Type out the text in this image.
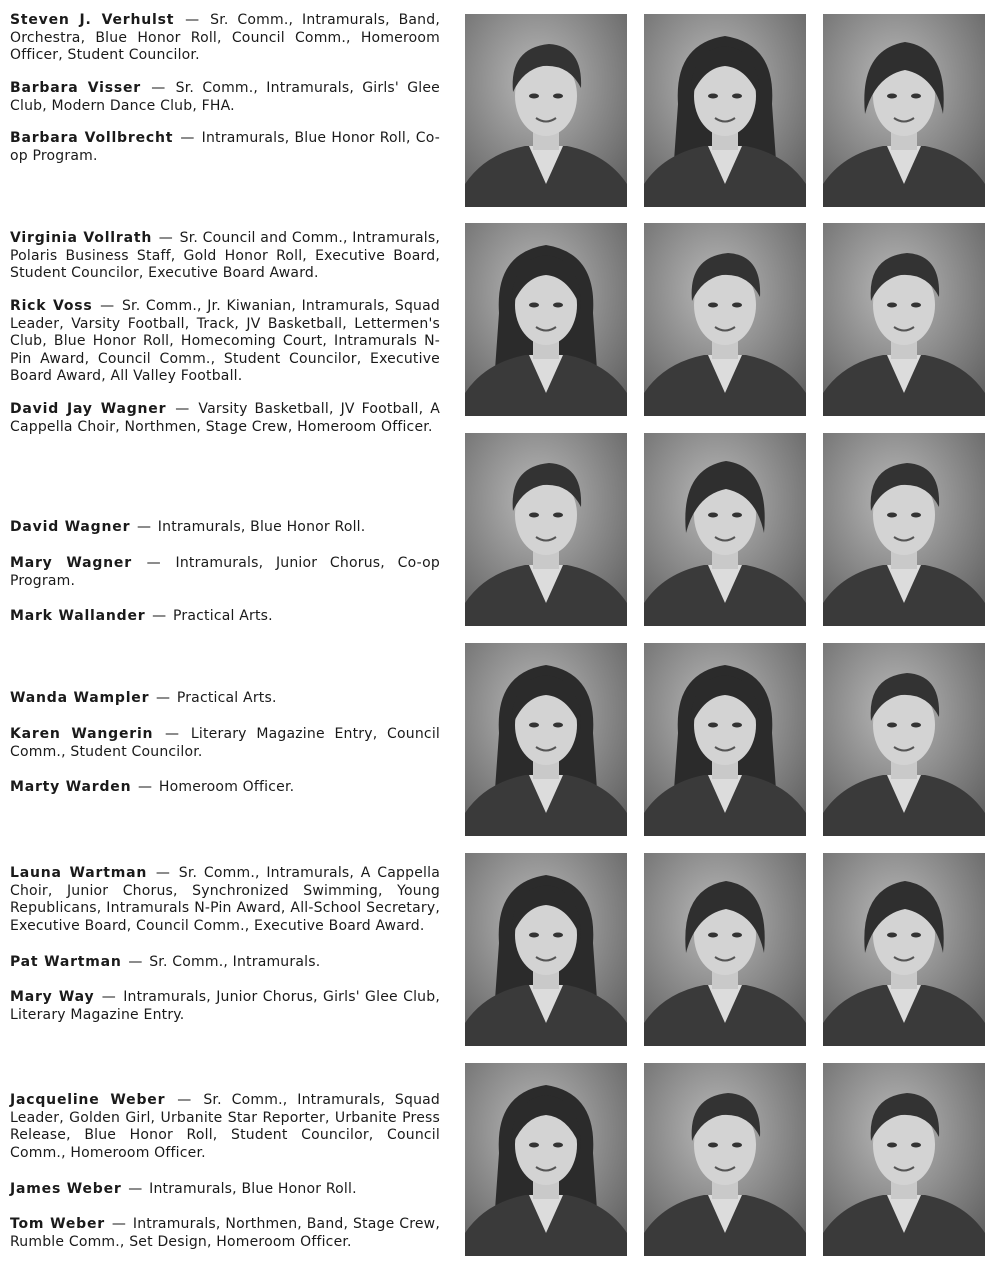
Steven J. Verhulst — Sr. Comm., Intramurals, Band, Orchestra, Blue Honor Roll, Council Comm., Homeroom Officer, Student Councilor.
Barbara Visser — Sr. Comm., Intramurals, Girls' Glee Club, Modern Dance Club, FHA.
Barbara Vollbrecht — Intramurals, Blue Honor Roll, Co-op Program.
Virginia Vollrath — Sr. Council and Comm., Intramurals, Polaris Business Staff, Gold Honor Roll, Executive Board, Student Councilor, Executive Board Award.
Rick Voss — Sr. Comm., Jr. Kiwanian, Intramurals, Squad Leader, Varsity Football, Track, JV Basketball, Lettermen's Club, Blue Honor Roll, Homecoming Court, Intramurals N-Pin Award, Council Comm., Student Councilor, Executive Board Award, All Valley Football.
David Jay Wagner — Varsity Basketball, JV Football, A Cappella Choir, Northmen, Stage Crew, Homeroom Officer.
David Wagner — Intramurals, Blue Honor Roll.
Mary Wagner — Intramurals, Junior Chorus, Co-op Program.
Mark Wallander — Practical Arts.
Wanda Wampler — Practical Arts.
Karen Wangerin — Literary Magazine Entry, Council Comm., Student Councilor.
Marty Warden — Homeroom Officer.
Launa Wartman — Sr. Comm., Intramurals, A Cappella Choir, Junior Chorus, Synchronized Swimming, Young Republicans, Intramurals N-Pin Award, All-School Secretary, Executive Board, Council Comm., Executive Board Award.
Pat Wartman — Sr. Comm., Intramurals.
Mary Way — Intramurals, Junior Chorus, Girls' Glee Club, Literary Magazine Entry.
Jacqueline Weber — Sr. Comm., Intramurals, Squad Leader, Golden Girl, Urbanite Star Reporter, Urbanite Press Release, Blue Honor Roll, Student Councilor, Council Comm., Homeroom Officer.
James Weber — Intramurals, Blue Honor Roll.
Tom Weber — Intramurals, Northmen, Band, Stage Crew, Rumble Comm., Set Design, Homeroom Officer.
